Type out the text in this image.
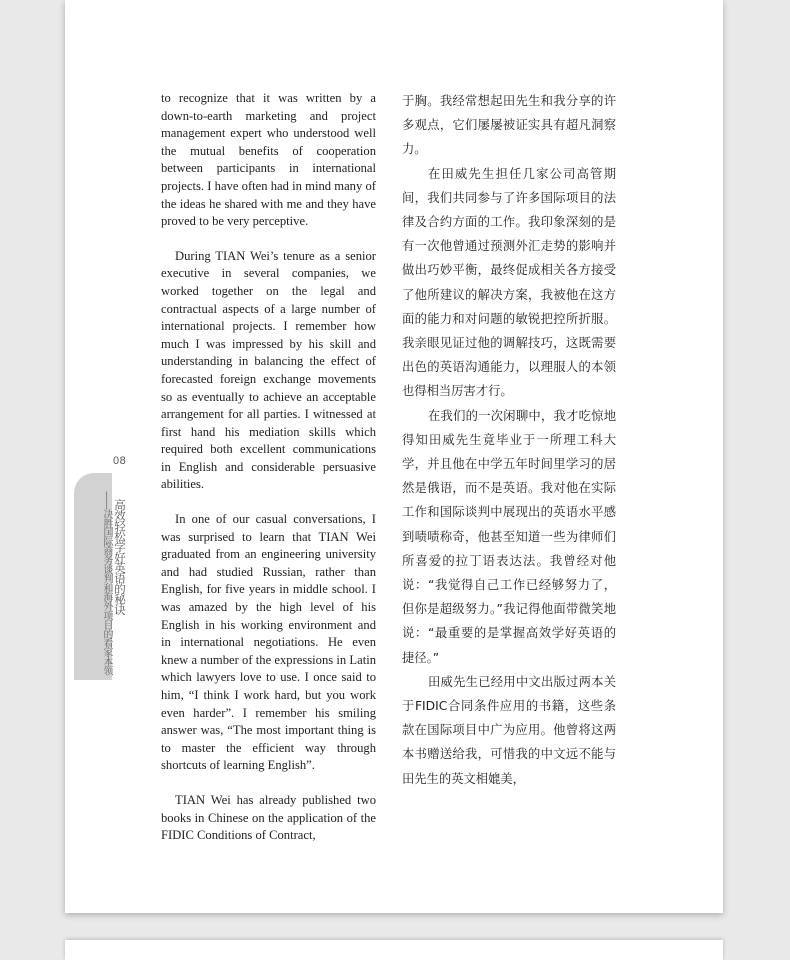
to recognize that it was written by a down-to-earth marketing and project management expert who understood well the mutual benefits of cooperation between participants in international projects. I have often had in mind many of the ideas he shared with me and they have proved to be very perceptive.

During TIAN Wei’s tenure as a senior executive in several companies, we worked together on the legal and contractual aspects of a large number of international projects. I remember how much I was impressed by his skill and understanding in balancing the effect of forecasted foreign exchange movements so as eventually to achieve an acceptable arrangement for all parties. I witnessed at first hand his mediation skills which required both excellent communications in English and considerable persuasive abilities.

In one of our casual conversations, I was surprised to learn that TIAN Wei graduated from an engineering university and had studied Russian, rather than English, for five years in middle school. I was amazed by the high level of his English in his working environment and in international negotiations. He even knew a number of the expressions in Latin which lawyers love to use. I once said to him, “I think I work hard, but you work even harder”. I remember his smiling answer was, “The most important thing is to master the efficient way through shortcuts of learning English”.

TIAN Wei has already published two books in Chinese on the application of the FIDIC Conditions of Contract,

于胸。我经常想起田先生和我分享的许多观点，它们屡屡被证实具有超凡洞察力。

在田威先生担任几家公司高管期间，我们共同参与了许多国际项目的法律及合约方面的工作。我印象深刻的是有一次他曾通过预测外汇走势的影响并做出巧妙平衡，最终促成相关各方接受了他所建议的解决方案，我被他在这方面的能力和对问题的敏锐把控所折服。我亲眼见证过他的调解技巧，这既需要出色的英语沟通能力，以理服人的本领也得相当厉害才行。

在我们的一次闲聊中，我才吃惊地得知田威先生竟毕业于一所理工科大学，并且他在中学五年时间里学习的居然是俄语，而不是英语。我对他在实际工作和国际谈判中展现出的英语水平感到啧啧称奇，他甚至知道一些为律师们所喜爱的拉丁语表达法。我曾经对他说：“我觉得自己工作已经够努力了，但你是超级努力。”我记得他面带微笑地说：“最重要的是掌握高效学好英语的捷径。”

田威先生已经用中文出版过两本关于FIDIC合同条件应用的书籍，这些条款在国际项目中广为应用。他曾将这两本书赠送给我，可惜我的中文远不能与田先生的英文相媲美，

08
高效轻松学好英语的秘诀
——决胜国际商务谈判和海外项目的看家本领
